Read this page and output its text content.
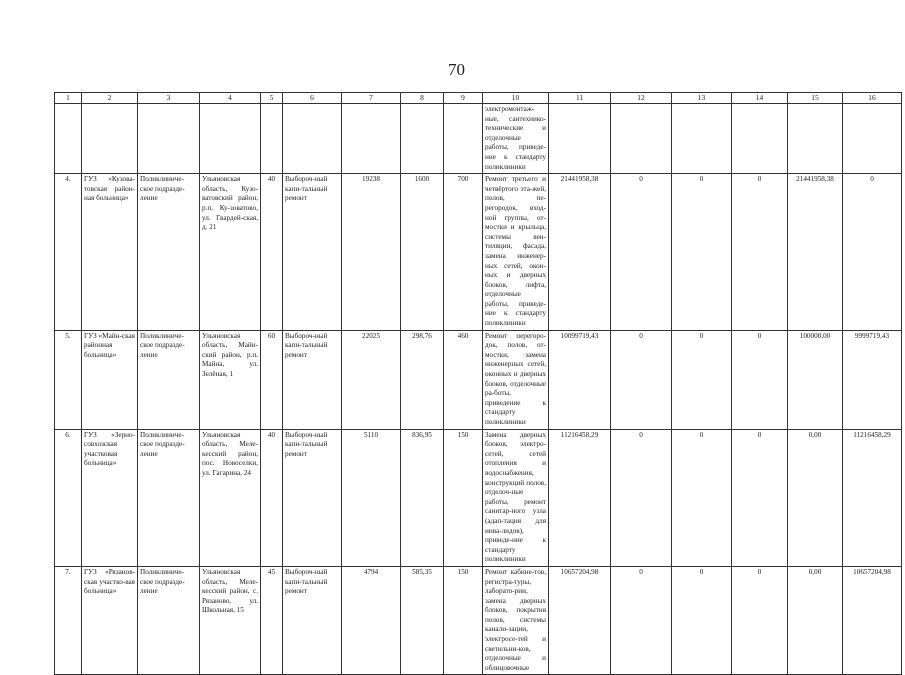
70
1	2	3	4	5	6	7	8	9	10	11	12	13	14	15	16
									электромонтаж-ные, сантехнико-технические и отделочные работы, приведе-ние к стандарту поликлиники						
4.	ГУЗ «Кузова-товская район-ная больница»	Поликлиниче-ское подразде-ление	Ульяновская область, Кузо-ватовский район, р.п. Ку-зоватово, ул. Гвардей-ская, д. 21	40	Выбороч-ный капи-тальный ремонт	19238	1600	700	Ремонт третьего и четвёртого эта-жей, полов, пе-регородок, вход-ной группы, от-мостки и крыльца, системы вен-тиляции, фасада, замена инженер-ных сетей, окон-ных и дверных блоков, лифта, отделочные работы, приведе-ние к стандарту поликлиники	21441958,38	0	0	0	21441958,38	0
5.	ГУЗ «Майн-ская районная больница»	Поликлиниче-ское подразде-ление	Ульяновская область, Майн-ский район, р.п. Майна, ул. Зелёная, 1	60	Выбороч-ный капи-тальный ремонт	22025	298,76	460	Ремонт перегоро-док, полов, от-мостки, замена инженерных сетей, оконных и дверных блоков, отделочные ра-боты, приведение к стандарту поликлиники	10099719,43	0	0	0	100000,00	9999719,43
6.	ГУЗ «Зерно-совхозская участковая больница»	Поликлиниче-ское подразде-ление	Ульяновская область, Меле-кесский район, пос. Новоселки, ул. Гагарина, 24	40	Выбороч-ный капи-тальный ремонт	5110	836,95	150	Замена дверных блоков, электро-сетей, сетей отопления и водоснабжения, конструкций полов, отделоч-ные работы, ремонт санитар-ного узла (адап-тация для инва-лидов), приведе-ние к стандарту поликлиники	11216458,29	0	0	0	0,00	11216458,29
7.	ГУЗ «Рязанов-ская участко-вая больница»	Поликлиниче-ское подразде-ление	Ульяновская область, Меле-кесский район, с. Рязаново, ул. Школьная, 15	45	Выбороч-ный капи-тальный ремонт	4794	585,35	150	Ремонт кабине-тов, регистра-туры, лаборато-рии, замена дверных блоков, покрытия полов, системы канали-зации, электросе-тей и светильни-ков, отделочные и облицовочные	10657204,98	0	0	0	0,00	10657204,98
